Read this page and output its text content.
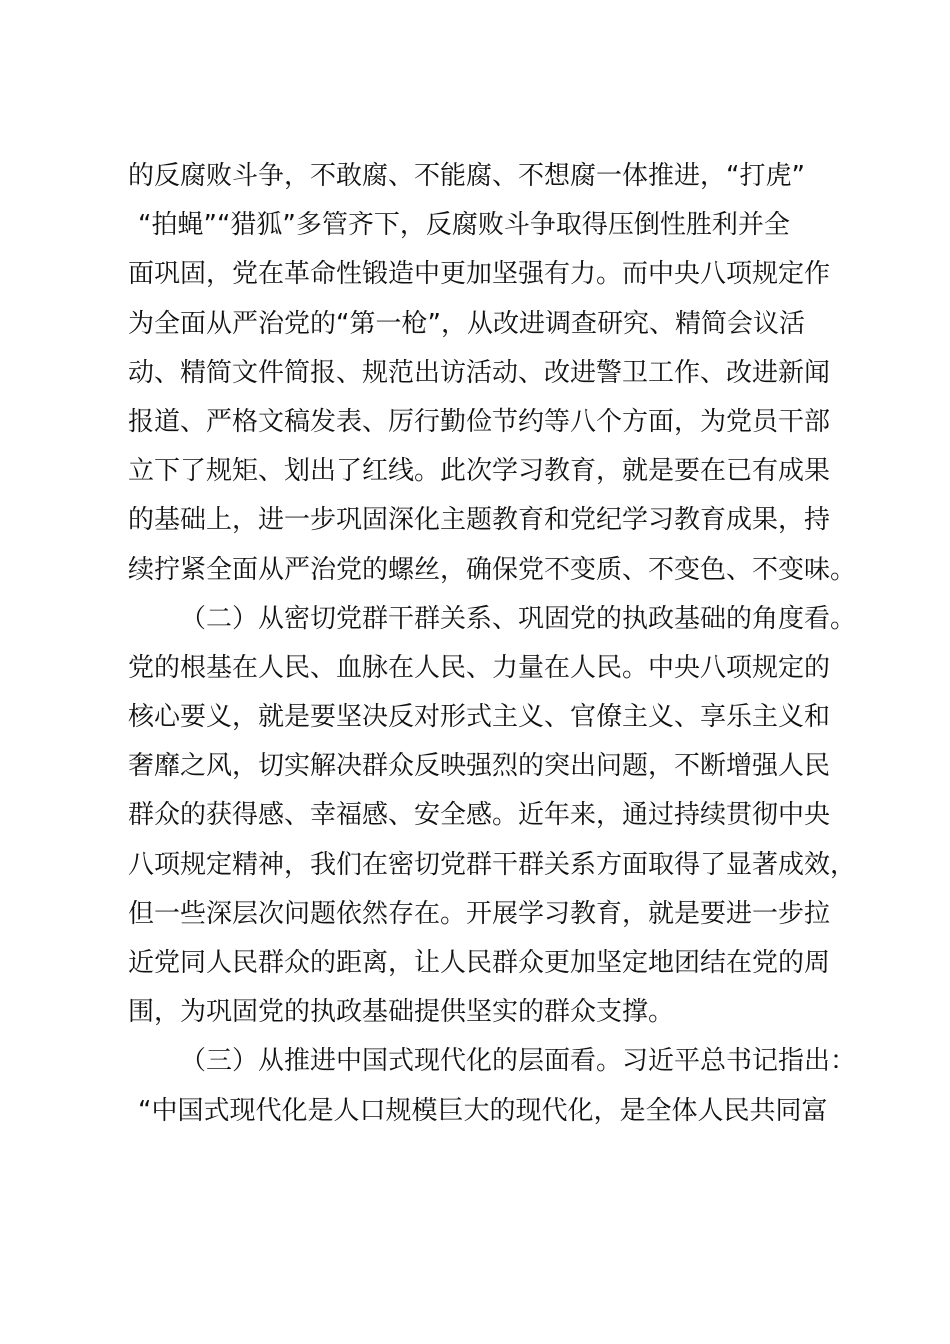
的反腐败斗争，不敢腐、不能腐、不想腐一体推进，“打虎”
“拍蝇”“猎狐”多管齐下，反腐败斗争取得压倒性胜利并全
面巩固，党在革命性锻造中更加坚强有力。而中央八项规定作
为全面从严治党的“第一枪”，从改进调查研究、精简会议活
动、精简文件简报、规范出访活动、改进警卫工作、改进新闻
报道、严格文稿发表、厉行勤俭节约等八个方面，为党员干部
立下了规矩、划出了红线。此次学习教育，就是要在已有成果
的基础上，进一步巩固深化主题教育和党纪学习教育成果，持
续拧紧全面从严治党的螺丝，确保党不变质、不变色、不变味。
（二）从密切党群干群关系、巩固党的执政基础的角度看。
党的根基在人民、血脉在人民、力量在人民。中央八项规定的
核心要义，就是要坚决反对形式主义、官僚主义、享乐主义和
奢靡之风，切实解决群众反映强烈的突出问题，不断增强人民
群众的获得感、幸福感、安全感。近年来，通过持续贯彻中央
八项规定精神，我们在密切党群干群关系方面取得了显著成效，
但一些深层次问题依然存在。开展学习教育，就是要进一步拉
近党同人民群众的距离，让人民群众更加坚定地团结在党的周
围，为巩固党的执政基础提供坚实的群众支撑。
（三）从推进中国式现代化的层面看。习近平总书记指出：
“中国式现代化是人口规模巨大的现代化，是全体人民共同富
